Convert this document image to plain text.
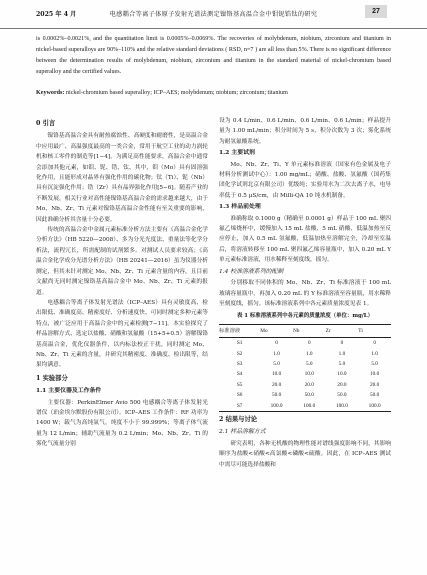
2025 年 4 月	电感耦合等离子体原子发射光谱法测定镍铬基高温合金中钼铌锆钛的研究	27

is 0.0002%–0.0021%, and the quantitation limit is 0.0005%–0.0069%. The recoveries of molybdenum, niobium, zirconium and titanium in nickel-based superalloys are 90%–110% and the relative standard deviations ( RSD, n=7 ) are all less than 5%. There is no significant difference between the determination results of molybdenum, niobium, zirconium and titanium in the standard material of nickel-chromium based superalloy and the certified values.

Keywords: nickel-chromium based superalloy; ICP–AES; molybdenum; niobium; zirconium; titanium

0 引言

镍铬基高温合金具有耐热腐蚀性、高硬度和耐磨性，是高温合金中应用最广、高温强度最高的一类合金，常用于航空工业的动力涡轮机和核工零件的制造等[1−4]。为满足高性能要求，高温合金中通常会添加其他元素，如钼、铌、锆、钛、其中，钼（Mo）具有固溶强化作用，且能形成对晶界有强化作用的碳化物；钛（Ti）、铌（Nb）具有沉淀强化作用；锆（Zr）具有晶界强化作用[5−6]。随着产业的不断发展，相关行业对高性能镍铬基高温合金的需求越来越大，由于 Mo、Nb、Zr、Ti 元素对镍铬基高温合金性能有至关重要的影响，因此准确分析其含量十分必要。

传统的高温合金中金属元素标准分析方法主要有《高温合金化学分析方法》（HB 5220—2008）、多为分光光度法、重量法等化学分析法，流程冗长，所需配制的试剂繁多。对测试人员要求较高；《高温合金化学成分光谱分析方法》（HB 20241—2016）虽为仪器分析测定，但其未针对测定 Mo、Nb、Zr、Ti 元素含量的内容，且目前文献尚无同时测定镍铬基高温合金中 Mo、Nb、Zr、Ti 元素的报道。

电感耦合等离子体发射光谱法（ICP–AES）具有灵敏度高、检出限低、准确度高、精密度好、分析速度快、可同时测定多种元素等特点，被广泛应用于高温合金中的元素检测[7−11]。本实验探究了样品溶解方式、选定以盐酸、硝酸和氢氟酸（15+5+0.5）溶解镍铬基高温合金，优化仪器条件，以内标法校正干扰，同时测定 Mo、Nb、Zr、Ti 元素的含量，并研究其精密度、准确度、检出限等，结果均满意。

1 实验部分
1.1 主要仪器及工作条件

主要仪器：PerkinElmer Avio 500 电感耦合等离子体发射光谱仪（珀金埃尔默股份有限公司）。ICP–AES 工作条件：RF 功率为 1400 W；载气为高纯氩气，纯度不小于 99.999%；等离子体气流量为 12 L/min；辅助气流量为 0.2 L/min；Mo、Nb、Zr、Ti 的雾化气流量分别

设为 0.4 L/min、0.6 L/min、0.6 L/min、0.6 L/min；样品提升量为 1.00 mL/min；积分时间为 5 s，积分次数为 3 次；雾化系统为耐氢氟酸系统。

1.2 主要试剂

Mo、Nb、Zr、Ti、Y 单元素标准溶液（国家有色金属及电子材料分析测试中心）：1.00 mg/mL；硝酸、盐酸、氢氟酸（国药集团化学试剂北京有限公司）优级纯；实验用水为二次去离子水，电导率低于 0.5 μS/cm，由 Milli-QA 10 纯水机制备。

1.3 样品前处理

准确称取 0.1000 g（精确至 0.0001 g）样品于 100 mL 聚四氟乙烯烧杯中，缓慢加入 15 mL 盐酸、5 mL 硝酸、低温加热至反应停止，加入 0.5 mL 氢氟酸，低温加热至溶解完全，冷却至室温后，将溶液转移至 100 mL 聚四氟乙烯容量瓶中，加入 0.20 mL Y 单元素标准溶液，用水稀释至刻度线，摇匀。

1.4 校准溶液系列的配制

分别移取不同体积的 Mo、Nb、Zr、Ti 标准溶液于 100 mL 玻璃容量瓶中，再加入 0.20 mL 的 Y 标准溶液至容量瓶，用水稀释至刻度线，摇匀。该标准溶液系列中各元素质量浓度见表 1。

表 1 标准溶液系列中各元素的质量浓度（单位：mg/L）
标准溶液	Mo	Nb	Zr	Ti
S1	0	0	0	0
S2	1.0	1.0	1.0	1.0
S3	5.0	5.0	5.0	5.0
S4	10.0	10.0	10.0	10.0
S5	20.0	20.0	20.0	20.0
S6	50.0	50.0	50.0	50.0
S7	100.0	100.0	100.0	100.0
2 结果与讨论
2.1 样品溶解方式

研究表明，各种无机酸的物理性能对谱线强度影响不同，其影响顺序为盐酸<硝酸<高氯酸<磷酸<硫酸。因此，在 ICP–AES 测试中需尽可能选择盐酸和
